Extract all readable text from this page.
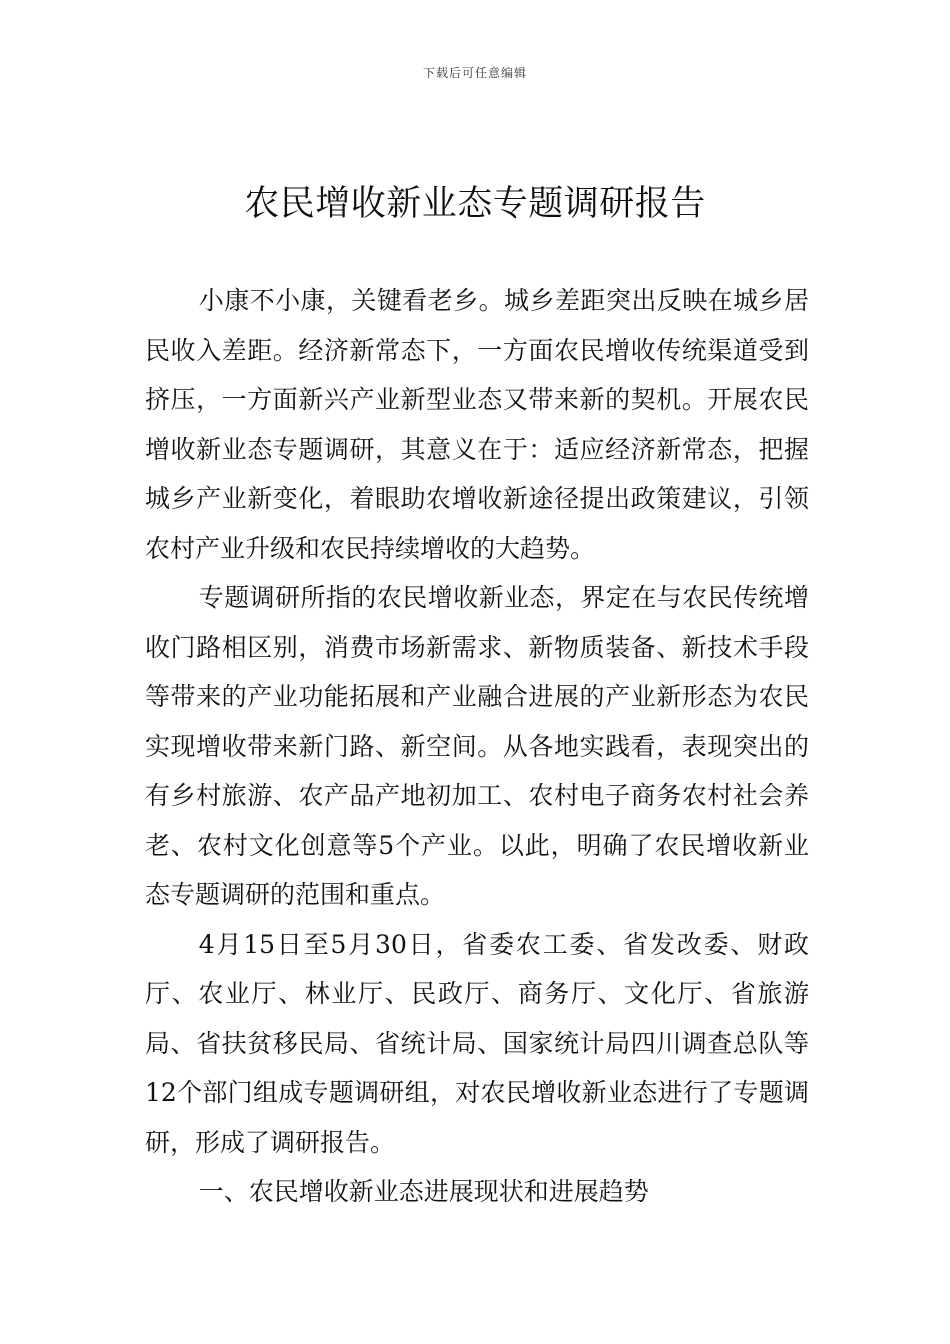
下载后可任意编辑
农民增收新业态专题调研报告

小康不小康，关键看老乡。城乡差距突出反映在城乡居民收入差距。经济新常态下，一方面农民增收传统渠道受到挤压，一方面新兴产业新型业态又带来新的契机。开展农民增收新业态专题调研，其意义在于：适应经济新常态，把握城乡产业新变化，着眼助农增收新途径提出政策建议，引领农村产业升级和农民持续增收的大趋势。

专题调研所指的农民增收新业态，界定在与农民传统增收门路相区别，消费市场新需求、新物质装备、新技术手段等带来的产业功能拓展和产业融合进展的产业新形态为农民实现增收带来新门路、新空间。从各地实践看，表现突出的有乡村旅游、农产品产地初加工、农村电子商务农村社会养老、农村文化创意等5个产业。以此，明确了农民增收新业态专题调研的范围和重点。

4月15日至5月30日，省委农工委、省发改委、财政厅、农业厅、林业厅、民政厅、商务厅、文化厅、省旅游局、省扶贫移民局、省统计局、国家统计局四川调查总队等12个部门组成专题调研组，对农民增收新业态进行了专题调研，形成了调研报告。

一、农民增收新业态进展现状和进展趋势
